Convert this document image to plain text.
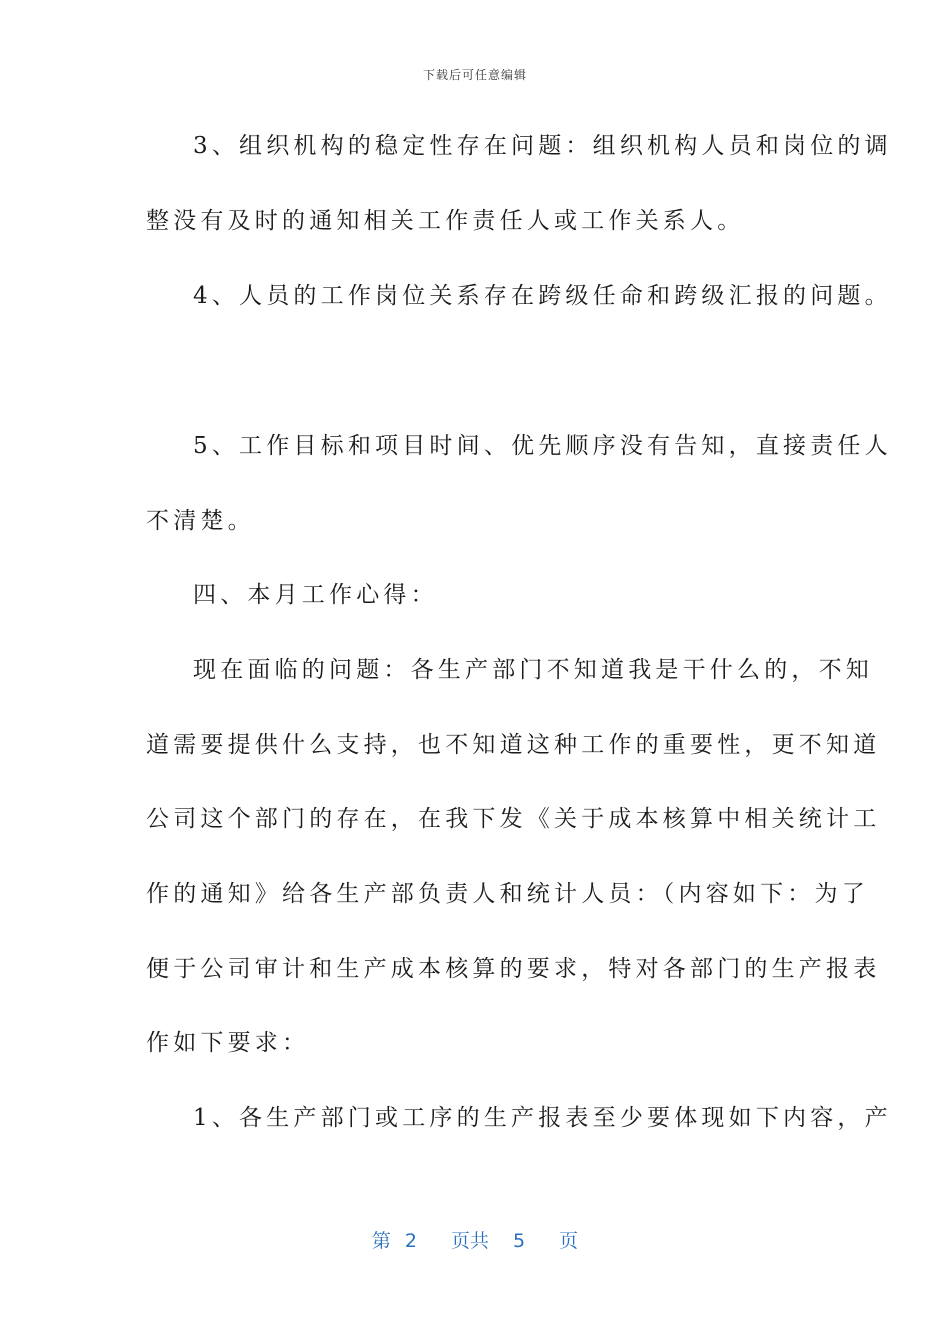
下载后可任意编辑
3、组织机构的稳定性存在问题：组织机构人员和岗位的调
整没有及时的通知相关工作责任人或工作关系人。
4、人员的工作岗位关系存在跨级任命和跨级汇报的问题。
5、工作目标和项目时间、优先顺序没有告知，直接责任人
不清楚。
四、本月工作心得：
现在面临的问题：各生产部门不知道我是干什么的，不知
道需要提供什么支持，也不知道这种工作的重要性，更不知道
公司这个部门的存在，在我下发《关于成本核算中相关统计工
作的通知》给各生产部负责人和统计人员：（内容如下：为了
便于公司审计和生产成本核算的要求，特对各部门的生产报表
作如下要求：
1、各生产部门或工序的生产报表至少要体现如下内容，产
第 2 页共 5 页
